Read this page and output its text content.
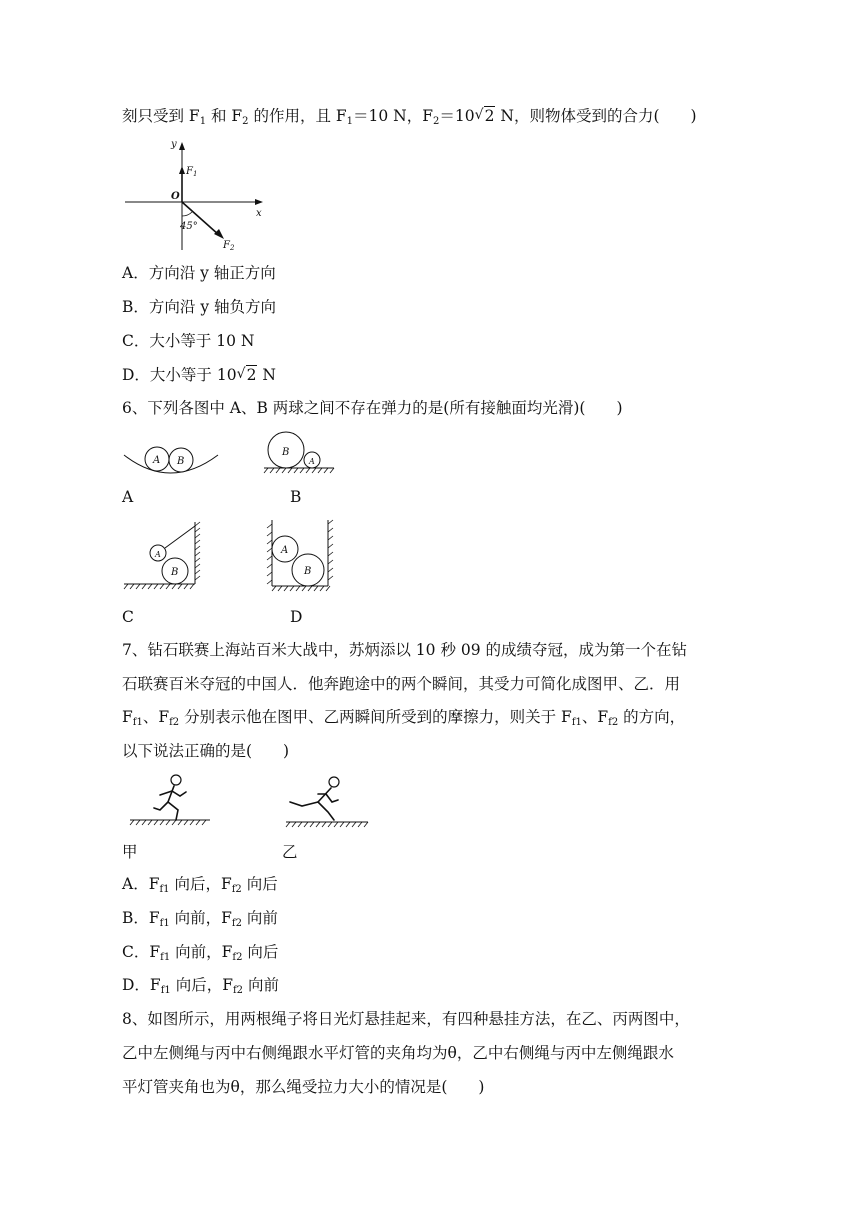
刻只受到 $F_1$ 和 $F_2$ 的作用，且 $F_1=10$ N，$F_2=10√$ 2 N，则物体受到的合力(　　)
y
x
O
$F_1$
$F_2$
45°
A．方向沿 y 轴正方向
B．方向沿 y 轴负方向
C．大小等于 10 N
D．大小等于 10√ 2 N
6、下列各图中 A、B 两球之间不存在弹力的是(所有接触面均光滑)(　　)
A B
A
B
A
B
B
A
C
A
B
D
7、钻石联赛上海站百米大战中，苏炳添以 10 秒 09 的成绩夺冠，成为第一个在钻
石联赛百米夺冠的中国人．他奔跑途中的两个瞬间，其受力可简化成图甲、乙．用
$F_{f1}$、$F_{f2}$ 分别表示他在图甲、乙两瞬间所受到的摩擦力，则关于 $F_{f1}$、$F_{f2}$ 的方向，
以下说法正确的是(　　)
甲	乙
A．$F_{f1}$ 向后，$F_{f2}$ 向后
B．$F_{f1}$ 向前，$F_{f2}$ 向前
C．$F_{f1}$ 向前，$F_{f2}$ 向后
D．$F_{f1}$ 向后，$F_{f2}$ 向前
8、如图所示，用两根绳子将日光灯悬挂起来，有四种悬挂方法，在乙、丙两图中，
乙中左侧绳与丙中右侧绳跟水平灯管的夹角均为θ，乙中右侧绳与丙中左侧绳跟水
平灯管夹角也为θ，那么绳受拉力大小的情况是(　　)
